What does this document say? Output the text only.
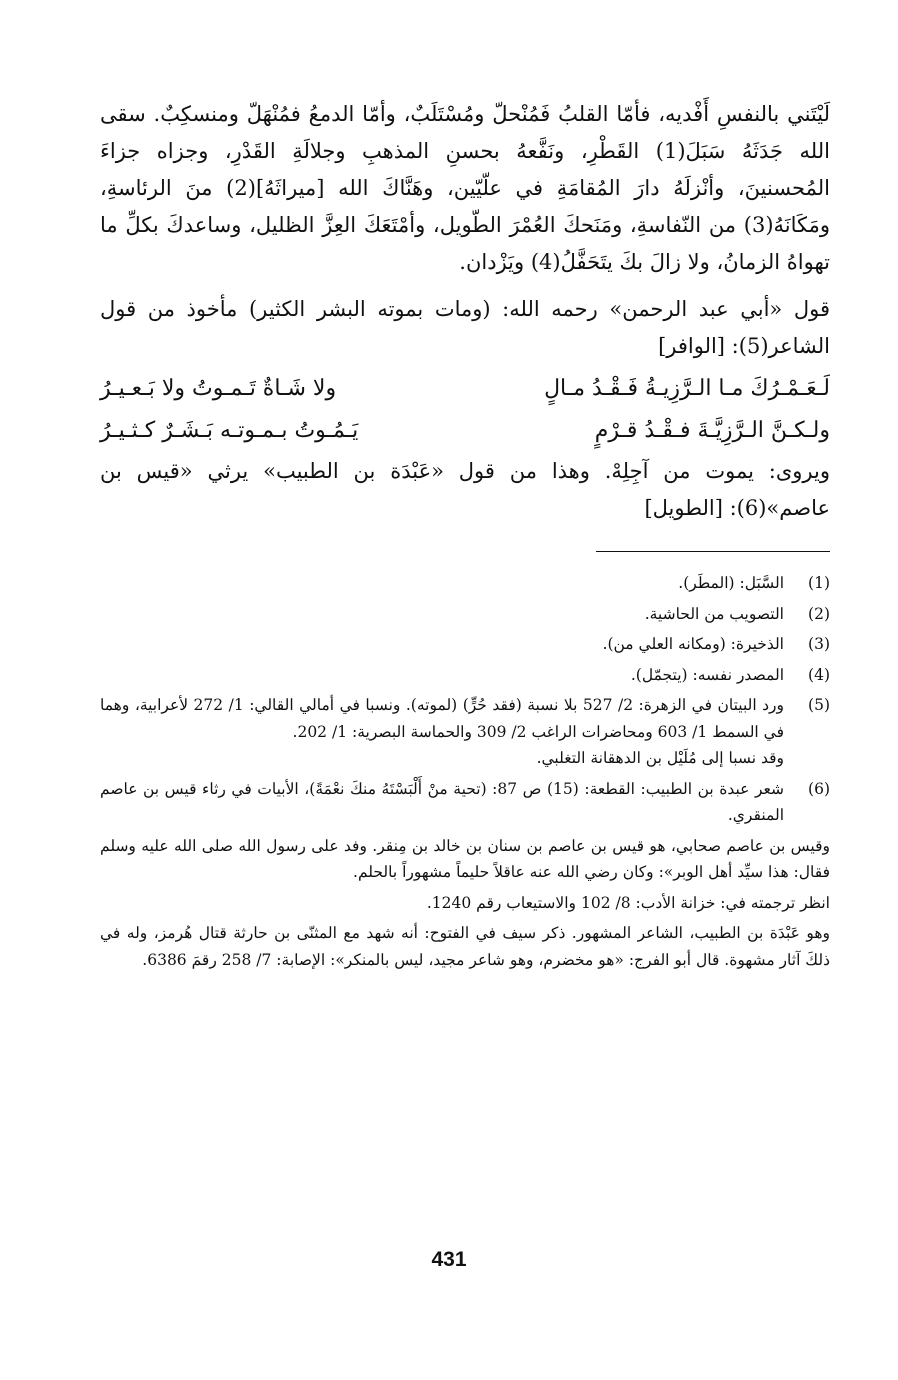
لَيْتَني بالنفسِ أَفْديه، فأمّا القلبُ فَمُنْحلّ ومُسْتَلَبٌ، وأمّا الدمعُ فمُنْهَلّ ومنسكِبٌ. سقى الله جَدَثَهُ سَبَلَ(1) القَطْرِ، ونَفَّعهُ بحسنِ المذهبِ وجلالَةِ القَدْرِ، وجزاه جزاءَ المُحسنينَ، وأنْزلَهُ دارَ المُقامَةِ في علّيّين، وهَنَّاكَ الله [ميراثَهُ](2) منَ الرئاسةِ، ومَكَانَهُ(3) من النّفاسةِ، ومَنَحكَ العُمْرَ الطّويل، وأمْتَعَكَ العِزَّ الظليل، وساعدكَ بكلِّ ما تهواهُ الزمانُ، ولا زالَ بكَ يتَحَفَّلُ(4) ويَزْدان.

قول «أبي عبد الرحمن» رحمه الله: (ومات بموته البشر الكثير) مأخوذ من قول الشاعر(5): [الوافر]

لَـعَـمْـرُكَ مـا الـرَّزِيـةُ فَـقْـدُ مـالٍ
ولا شَـاةٌ تَـمـوتُ ولا بَـعـيـرُ
ولـكـنَّ الـرَّزِيَّـةَ فـقْـدُ قـرْمٍ
يَـمُـوتُ بـمـوتـه بَـشَـرٌ كـثـيـرُ

ويروى: يموت من آجِلِهْ. وهذا من قول «عَبْدَة بن الطبيب» يرثي «قيس بن عاصم»(6): [الطويل]

(1)
السَّبَل: (المطَر).
(2)
التصويب من الحاشية.
(3)
الذخيرة: (ومكانه العلي من).
(4)
المصدر نفسه: (يتجمّل).
(5)
ورد البيتان في الزهرة: 2/ 527 بلا نسبة (فقد حُرٍّ) (لموته). ونسبا في أمالي القالي: 1/ 272 لأعرابية، وهما في السمط 1/ 603 ومحاضرات الراغب 2/ 309 والحماسة البصرية: 1/ 202.
وقد نسبا إلى مُلَيْل بن الدهقانة التغلبي.
(6)
شعر عبدة بن الطبيب: القطعة: (15) ص 87: (تحية منْ أَلْبَسْتَهُ منكَ نعْمَةً)، الأبيات في رثاء قيس بن عاصم المنقري.
وقيس بن عاصم صحابي، هو قيس بن عاصم بن سنان بن خالد بن مِنقر. وفد على رسول الله صلى الله عليه وسلم فقال: هذا سيِّد أهل الوبر»: وكان رضي الله عنه عاقلاً حليماً مشهوراً بالحلم.
انظر ترجمته في: خزانة الأدب: 8/ 102 والاستيعاب رقم 1240.
وهو عَبْدَة بن الطبيب، الشاعر المشهور. ذكر سيف في الفتوح: أنه شهد مع المثنّى بن حارثة قتال هُرمز، وله في ذلكَ آثار مشهوة. قال أبو الفرج: «هو مخضرم، وهو شاعر مجيد، ليس بالمنكر»: الإصابة: 7/ 258 رقمَ 6386.
431
